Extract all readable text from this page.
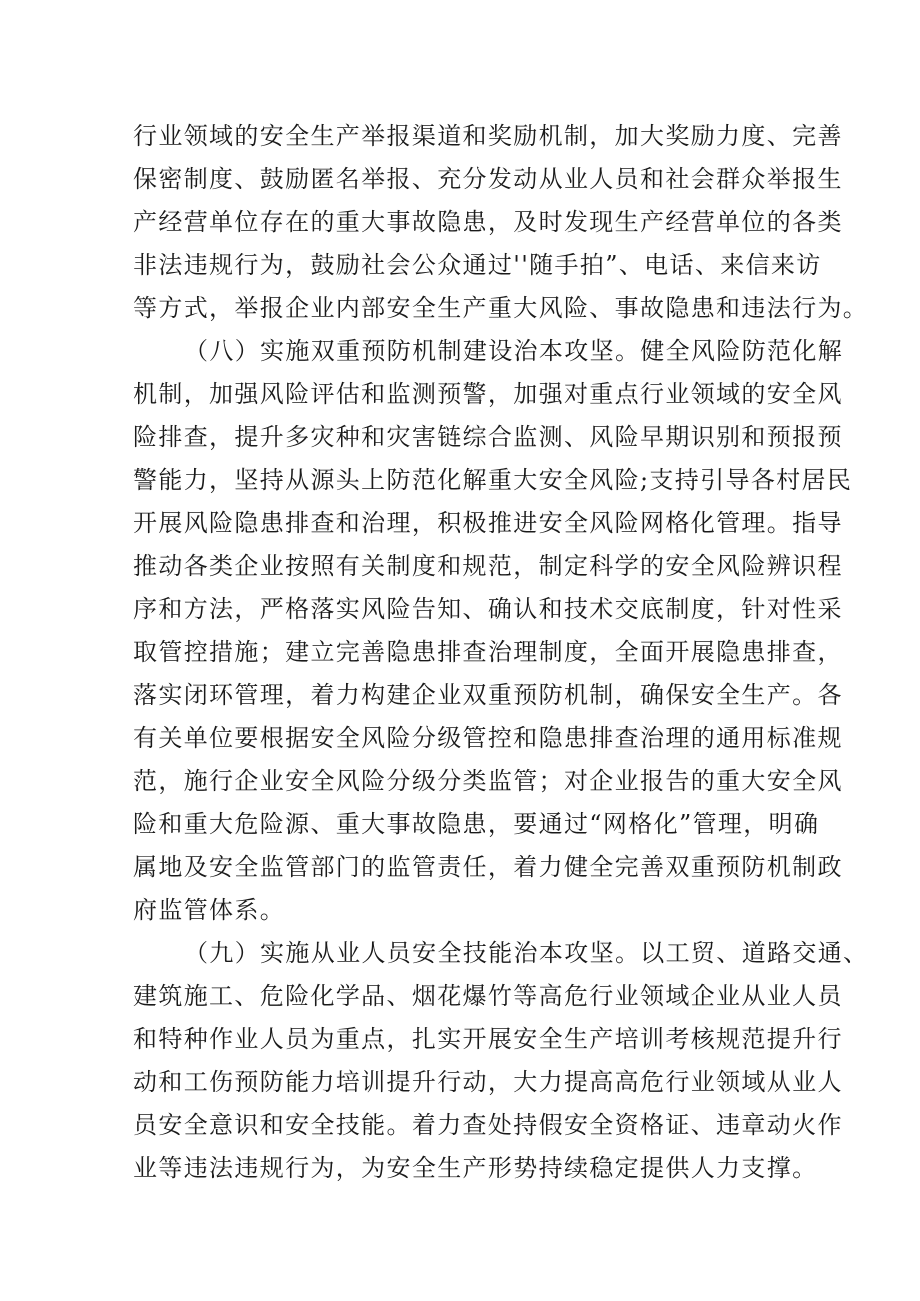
行业领域的安全生产举报渠道和奖励机制，加大奖励力度、完善
保密制度、鼓励匿名举报、充分发动从业人员和社会群众举报生
产经营单位存在的重大事故隐患，及时发现生产经营单位的各类
非法违规行为，鼓励社会公众通过''随手拍”、电话、来信来访
等方式，举报企业内部安全生产重大风险、事故隐患和违法行为。
（八）实施双重预防机制建设治本攻坚。健全风险防范化解
机制，加强风险评估和监测预警，加强对重点行业领域的安全风
险排查，提升多灾种和灾害链综合监测、风险早期识别和预报预
警能力，坚持从源头上防范化解重大安全风险;支持引导各村居民
开展风险隐患排查和治理，积极推进安全风险网格化管理。指导
推动各类企业按照有关制度和规范，制定科学的安全风险辨识程
序和方法，严格落实风险告知、确认和技术交底制度，针对性采
取管控措施；建立完善隐患排查治理制度，全面开展隐患排查，
落实闭环管理，着力构建企业双重预防机制，确保安全生产。各
有关单位要根据安全风险分级管控和隐患排查治理的通用标准规
范，施行企业安全风险分级分类监管；对企业报告的重大安全风
险和重大危险源、重大事故隐患，要通过“网格化”管理，明确
属地及安全监管部门的监管责任，着力健全完善双重预防机制政
府监管体系。
（九）实施从业人员安全技能治本攻坚。以工贸、道路交通、
建筑施工、危险化学品、烟花爆竹等高危行业领域企业从业人员
和特种作业人员为重点，扎实开展安全生产培训考核规范提升行
动和工伤预防能力培训提升行动，大力提高高危行业领域从业人
员安全意识和安全技能。着力查处持假安全资格证、违章动火作
业等违法违规行为，为安全生产形势持续稳定提供人力支撑。
